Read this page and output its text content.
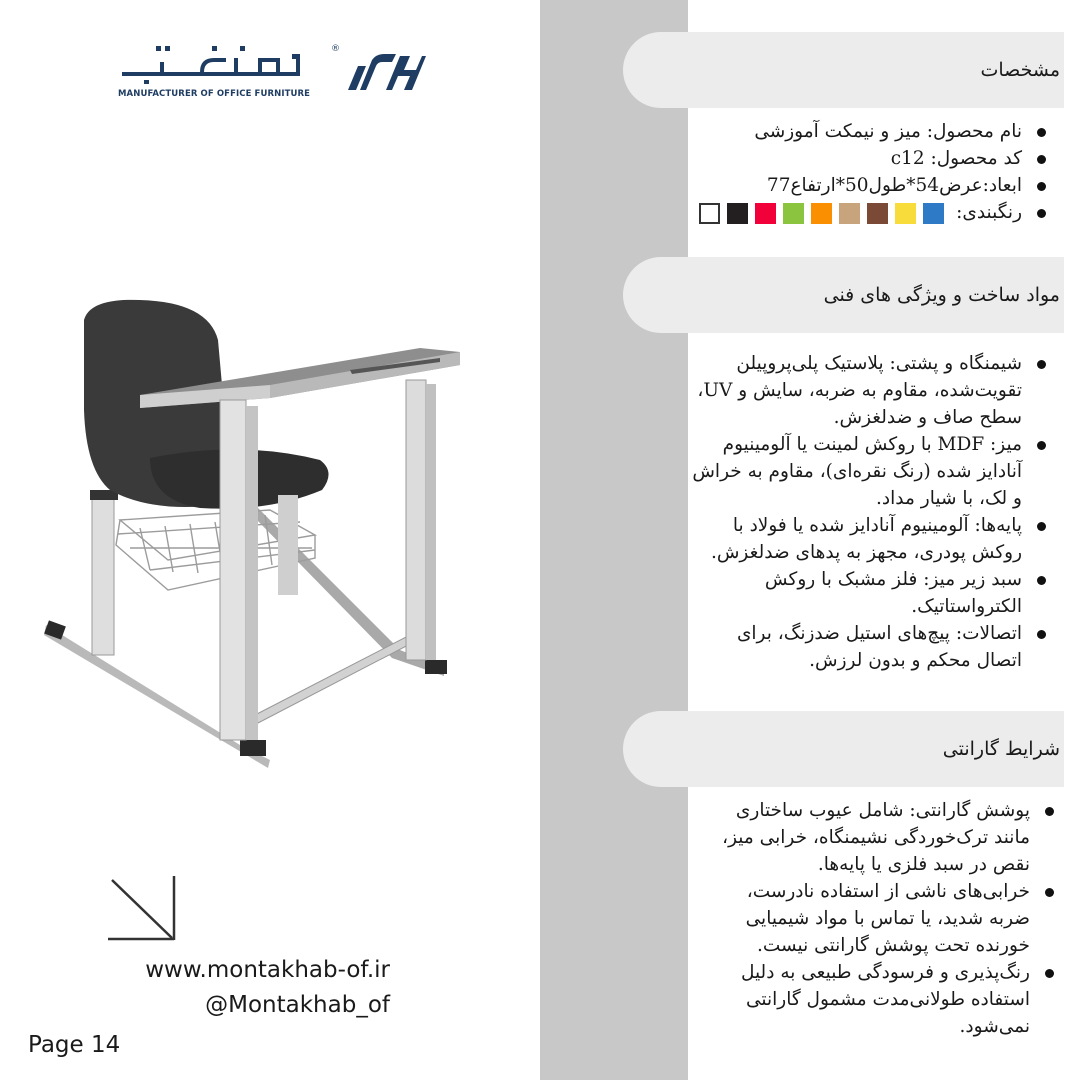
®
MANUFACTURER OF OFFICE FURNITURE
www.montakhab-of.ir
@Montakhab_of
Page 14
مشخصات
نام محصول: میز و نیمکت آموزشی
کد محصول: c12
ابعاد:عرض54*طول50*ارتفاع77
رنگبندی:
مواد ساخت و ویژگی های فنی
شیمنگاه و پشتی: پلاستیک پلی‌پروپیلن تقویت‌شده، مقاوم به ضربه، سایش و UV، سطح صاف و ضدلغزش.
میز: MDF با روکش لمینت یا آلومینیوم آنادایز شده (رنگ نقره‌ای)، مقاوم به خراش و لک، با شیار مداد.
پایه‌ها: آلومینیوم آنادایز شده یا فولاد با روکش پودری، مجهز به پدهای ضدلغزش.
سبد زیر میز: فلز مشبک با روکش الکترواستاتیک.
اتصالات: پیچ‌های استیل ضدزنگ، برای اتصال محکم و بدون لرزش.
شرایط گارانتی
پوشش گارانتی: شامل عیوب ساختاری مانند ترک‌خوردگی نشیمنگاه، خرابی میز، نقص در سبد فلزی یا پایه‌ها.
خرابی‌های ناشی از استفاده نادرست، ضربه شدید، یا تماس با مواد شیمیایی خورنده تحت پوشش گارانتی نیست.
رنگ‌پذیری و فرسودگی طبیعی به دلیل استفاده طولانی‌مدت مشمول گارانتی نمی‌شود.
